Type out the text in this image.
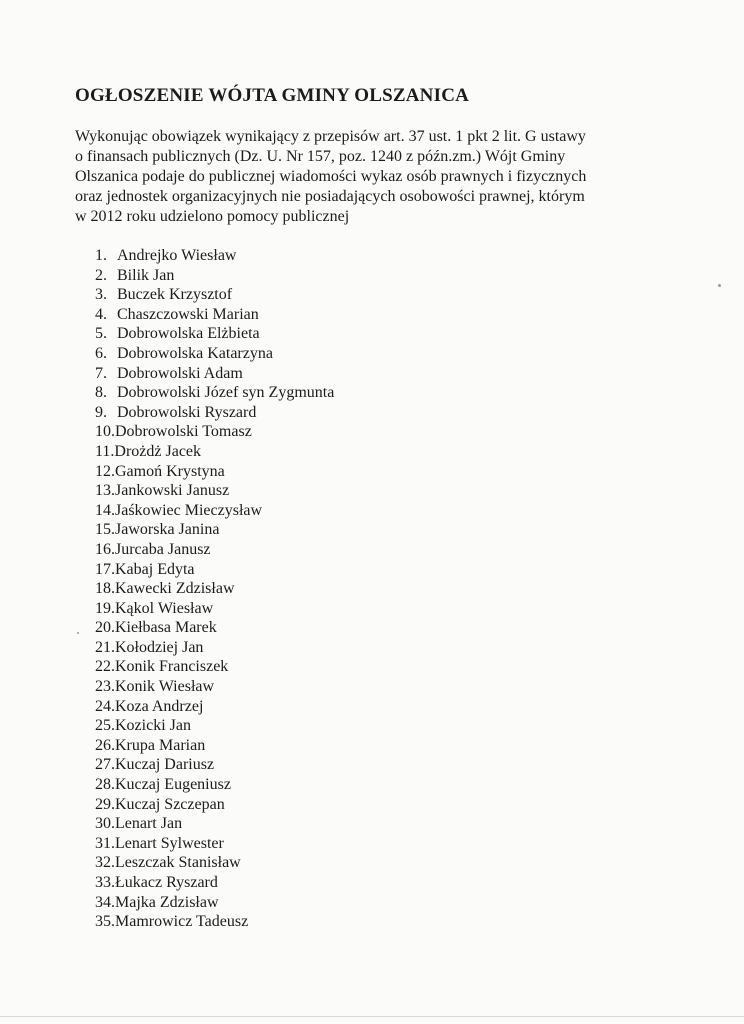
OGŁOSZENIE WÓJTA GMINY OLSZANICA

Wykonując obowiązek wynikający z przepisów art. 37 ust. 1 pkt 2 lit. G ustawy
o finansach publicznych (Dz. U. Nr 157, poz. 1240 z późn.zm.) Wójt Gminy
Olszanica podaje do publicznej wiadomości wykaz osób prawnych i fizycznych
oraz jednostek organizacyjnych nie posiadających osobowości prawnej, którym
w 2012 roku udzielono pomocy publicznej

1. Andrejko Wiesław
2. Bilik Jan
3. Buczek Krzysztof
4. Chaszczowski Marian
5. Dobrowolska Elżbieta
6. Dobrowolska Katarzyna
7. Dobrowolski Adam
8. Dobrowolski Józef syn Zygmunta
9. Dobrowolski Ryszard
10.Dobrowolski Tomasz
11.Drożdż Jacek
12.Gamoń Krystyna
13.Jankowski Janusz
14.Jaśkowiec Mieczysław
15.Jaworska Janina
16.Jurcaba Janusz
17.Kabaj Edyta
18.Kawecki Zdzisław
19.Kąkol Wiesław
20.Kiełbasa Marek
21.Kołodziej Jan
22.Konik Franciszek
23.Konik Wiesław
24.Koza Andrzej
25.Kozicki Jan
26.Krupa Marian
27.Kuczaj Dariusz
28.Kuczaj Eugeniusz
29.Kuczaj Szczepan
30.Lenart Jan
31.Lenart Sylwester
32.Leszczak Stanisław
33.Łukacz Ryszard
34.Majka Zdzisław
35.Mamrowicz Tadeusz
